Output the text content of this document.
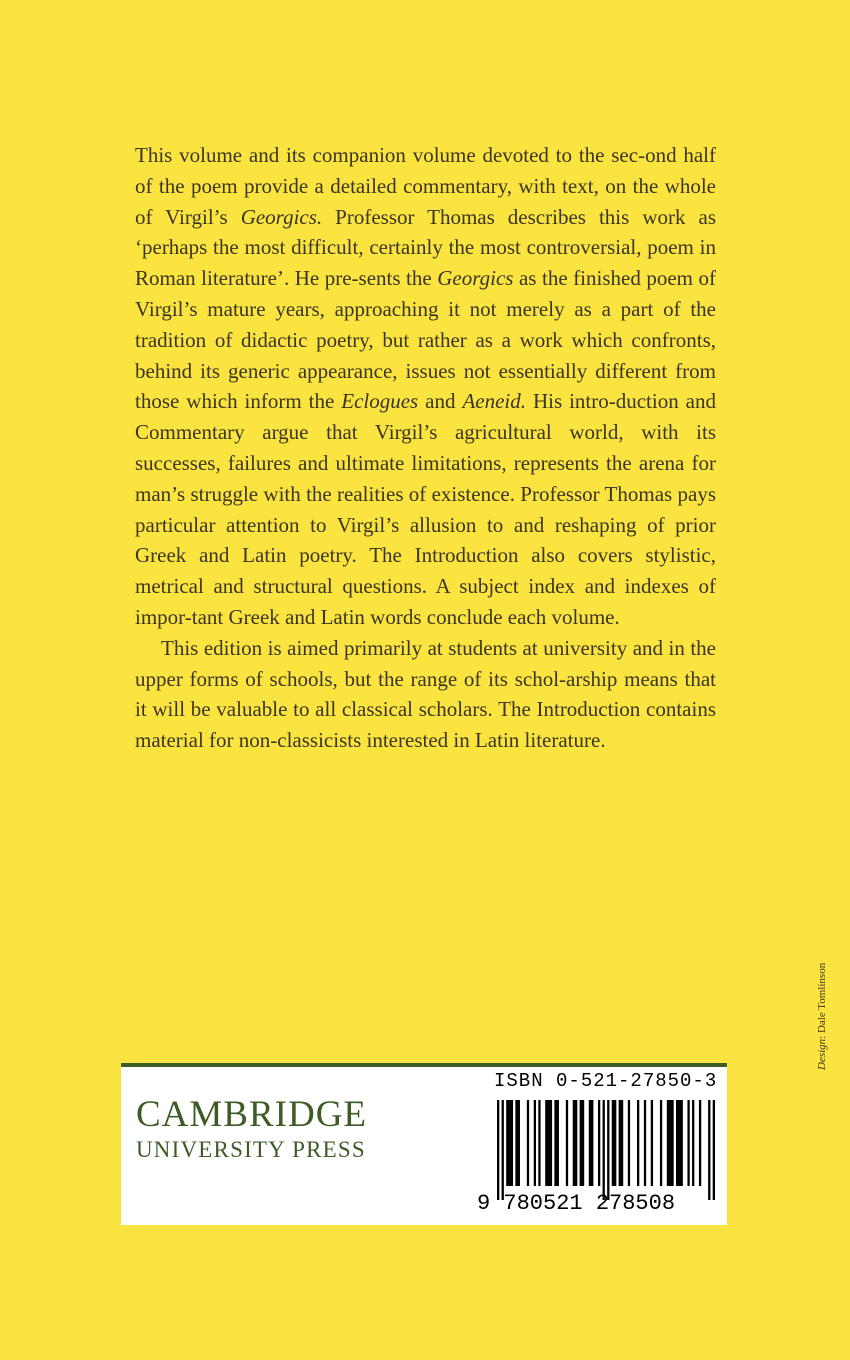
This volume and its companion volume devoted to the sec-ond half of the poem provide a detailed commentary, with text, on the whole of Virgil’s Georgics. Professor Thomas describes this work as ‘perhaps the most difficult, certainly the most controversial, poem in Roman literature’. He pre-sents the Georgics as the finished poem of Virgil’s mature years, approaching it not merely as a part of the tradition of didactic poetry, but rather as a work which confronts, behind its generic appearance, issues not essentially different from those which inform the Eclogues and Aeneid. His intro-duction and Commentary argue that Virgil’s agricultural world, with its successes, failures and ultimate limitations, represents the arena for man’s struggle with the realities of existence. Professor Thomas pays particular attention to Virgil’s allusion to and reshaping of prior Greek and Latin poetry. The Introduction also covers stylistic, metrical and structural questions. A subject index and indexes of impor-tant Greek and Latin words conclude each volume.

This edition is aimed primarily at students at university and in the upper forms of schools, but the range of its schol-arship means that it will be valuable to all classical scholars. The Introduction contains material for non-classicists interested in Latin literature.

Design: Dale Tomlinson
CAMBRIDGE
UNIVERSITY PRESS
ISBN 0-521-27850-3
9 780521 278508
